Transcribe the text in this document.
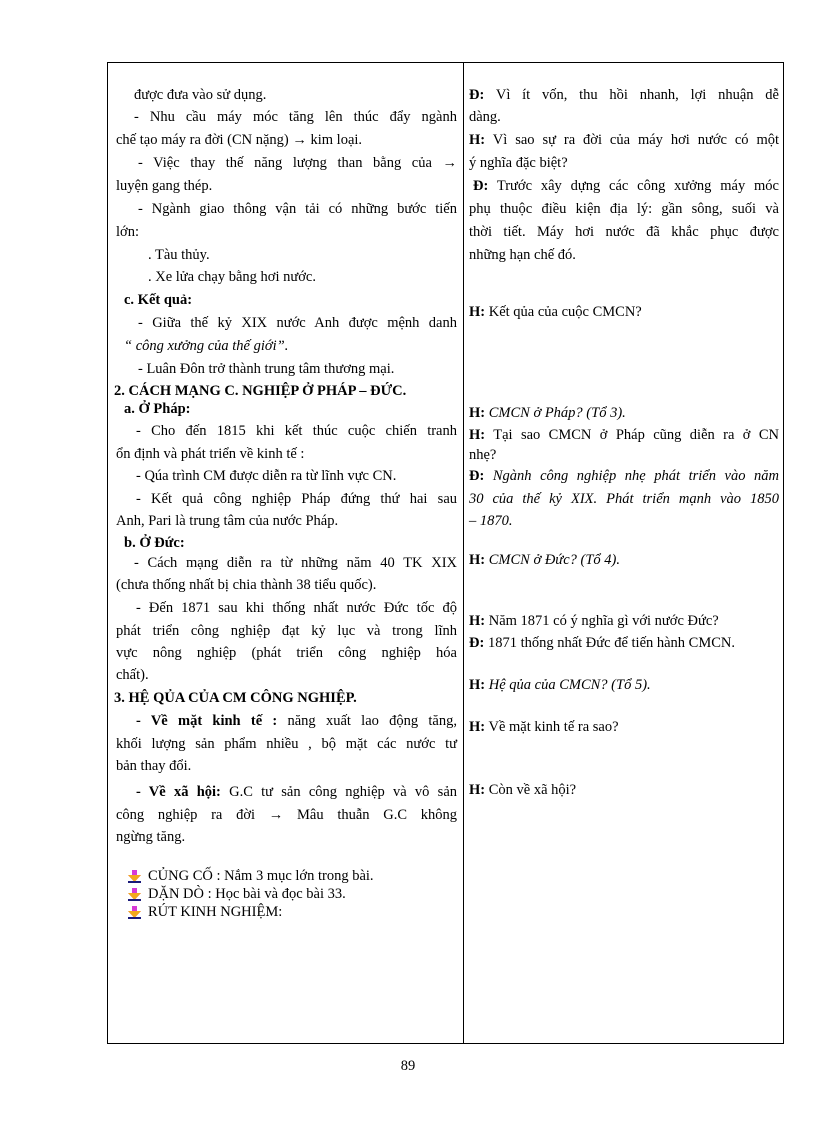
được đưa vào sử dụng.
- Nhu cầu máy móc tăng lên thúc đẩy ngành
chế tạo máy ra đời (CN nặng) → kim loại.
- Việc thay thế năng lượng than bằng của →
luyện gang thép.
- Ngành giao thông vận tải có những bước tiến
lớn:
. Tàu thủy.
. Xe lửa chạy bằng hơi nước.
c. Kết quả:
- Giữa thế kỷ XIX nước Anh được mệnh danh
“ công xưởng của thế giới”.
- Luân Đôn trở thành trung tâm thương mại.
2. CÁCH MẠNG C. NGHIỆP Ở PHÁP – ĐỨC.
a. Ở Pháp:
- Cho đến 1815 khi kết thúc cuộc chiến tranh
ổn định và phát triển về kinh tế :
- Qúa trình CM được diễn ra từ lĩnh vực CN.
- Kết quả công nghiệp Pháp đứng thứ hai sau
Anh, Pari là trung tâm của nước Pháp.
b. Ở Đức:
- Cách mạng diễn ra từ những năm 40 TK XIX
(chưa thống nhất bị chia thành 38 tiểu quốc).
- Đến 1871 sau khi thống nhất nước Đức tốc độ
phát triển công nghiệp đạt kỷ lục và trong lĩnh
vực nông nghiệp (phát triển công nghiệp hóa
chất).
3. HỆ QỦA CỦA CM CÔNG NGHIỆP.
- Về mặt kinh tế : năng xuất lao động tăng,
khối lượng sản phẩm nhiều , bộ mặt các nước tư
bản thay đổi.
- Về xã hội: G.C tư sản công nghiệp và vô sản
công nghiệp ra đời → Mâu thuẫn G.C không
ngừng tăng.
CỦNG CỐ : Nắm 3 mục lớn trong bài.
DẶN DÒ : Học bài và đọc bài 33.
RÚT KINH NGHIỆM:
Đ: Vì ít vốn, thu hồi nhanh, lợi nhuận dễ
dàng.
H: Vì sao sự ra đời của máy hơi nước có một
ý nghĩa đặc biệt?
Đ: Trước xây dựng các công xưởng máy móc
phụ thuộc điều kiện địa lý: gần sông, suối và
thời tiết. Máy hơi nước đã khắc phục được
những hạn chế đó.
H: Kết qủa của cuộc CMCN?
H: CMCN ở Pháp? (Tổ 3).
H: Tại sao CMCN ở Pháp cũng diễn ra ở CN
nhẹ?
Đ: Ngành công nghiệp nhẹ phát triển vào năm
30 của thế kỷ XIX. Phát triển mạnh vào 1850
– 1870.
H: CMCN ở Đức? (Tổ 4).
H: Năm 1871 có ý nghĩa gì với nước Đức?
Đ: 1871 thống nhất Đức để tiến hành CMCN.
H: Hệ qủa của CMCN? (Tổ 5).
H: Về mặt kinh tế ra sao?
H: Còn về xã hội?
89
